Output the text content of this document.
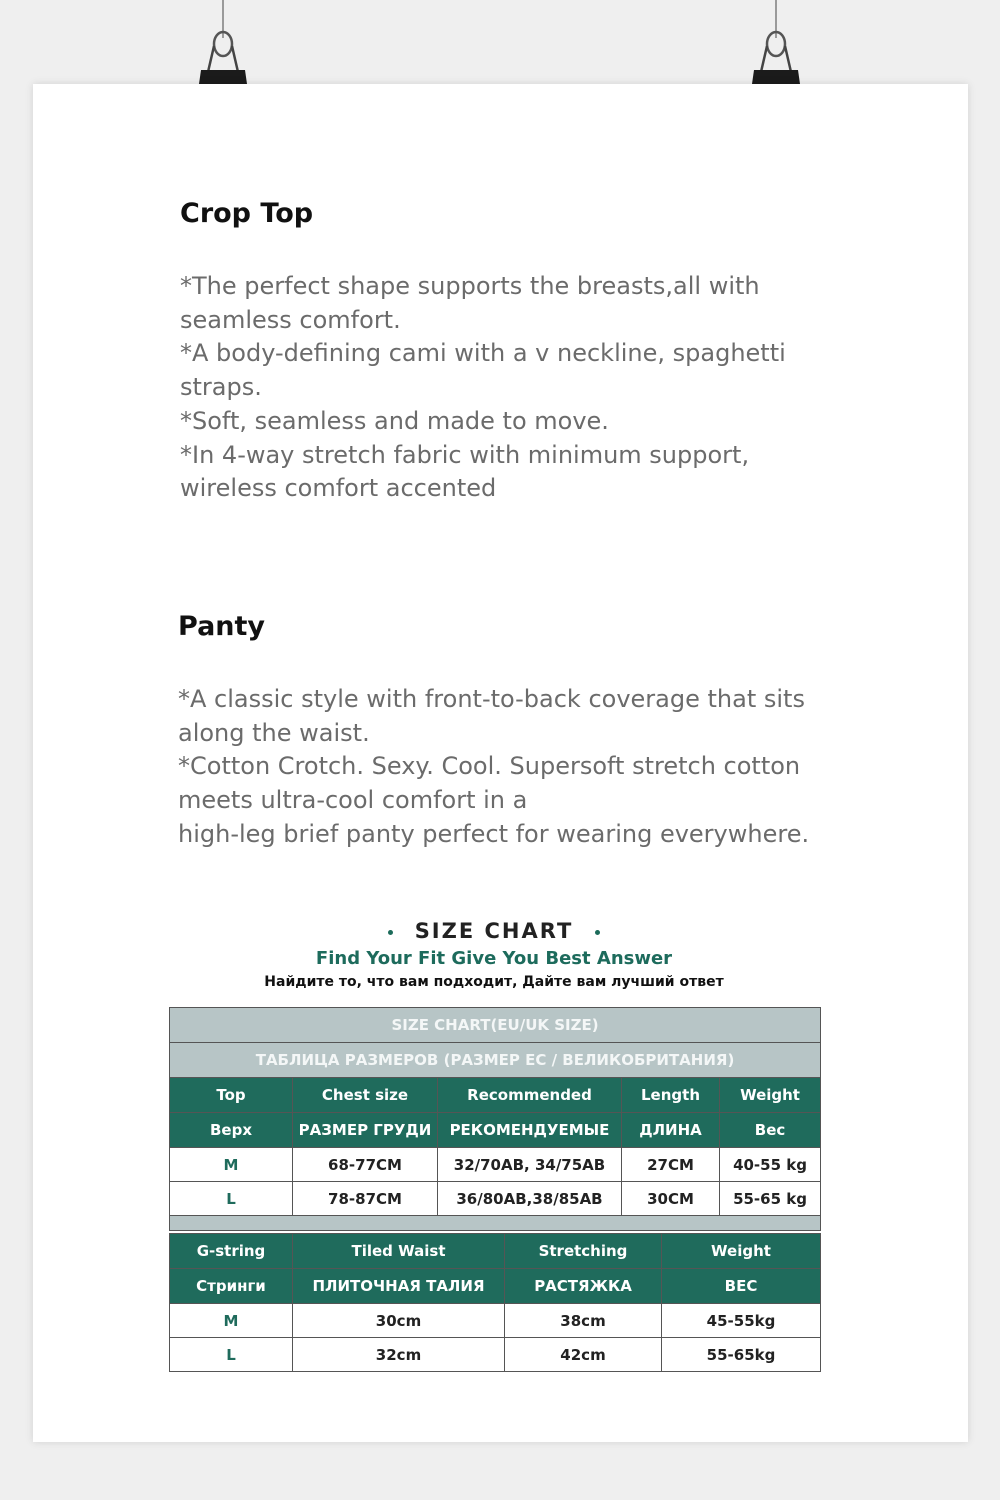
Crop Top
*The perfect shape supports the breasts,all with
seamless comfort.
*A body-defining cami with a v neckline, spaghetti
straps.
*Soft, seamless and made to move.
*In 4-way stretch fabric with minimum support,
wireless comfort accented
Panty
*A classic style with front-to-back coverage that sits
along the waist.
*Cotton Crotch. Sexy. Cool. Supersoft stretch cotton
meets ultra-cool comfort in a
high-leg brief panty perfect for wearing everywhere.
SIZE CHART
Find Your Fit Give You Best Answer
Найдите то, что вам подходит, Дайте вам лучший ответ
SIZE CHART(EU/UK SIZE)				
ТАБЛИЦА РАЗМЕРОВ (РАЗМЕР ЕС / ВЕЛИКОБРИТАНИЯ)				
Top	Chest size	Recommended	Length	Weight
Верх	РАЗМЕР ГРУДИ	РЕКОМЕНДУЕМЫЕ	ДЛИНА	Вес
M	68-77CM	32/70AB, 34/75AB	27CM	40-55 kg
L	78-87CM	36/80AB,38/85AB	30CM	55-65 kg

G-string	Tiled Waist	Stretching	Weight
Стринги	ПЛИТОЧНАЯ ТАЛИЯ	РАСТЯЖКА	ВЕС
M	30cm	38cm	45-55kg
L	32cm	42cm	55-65kg
